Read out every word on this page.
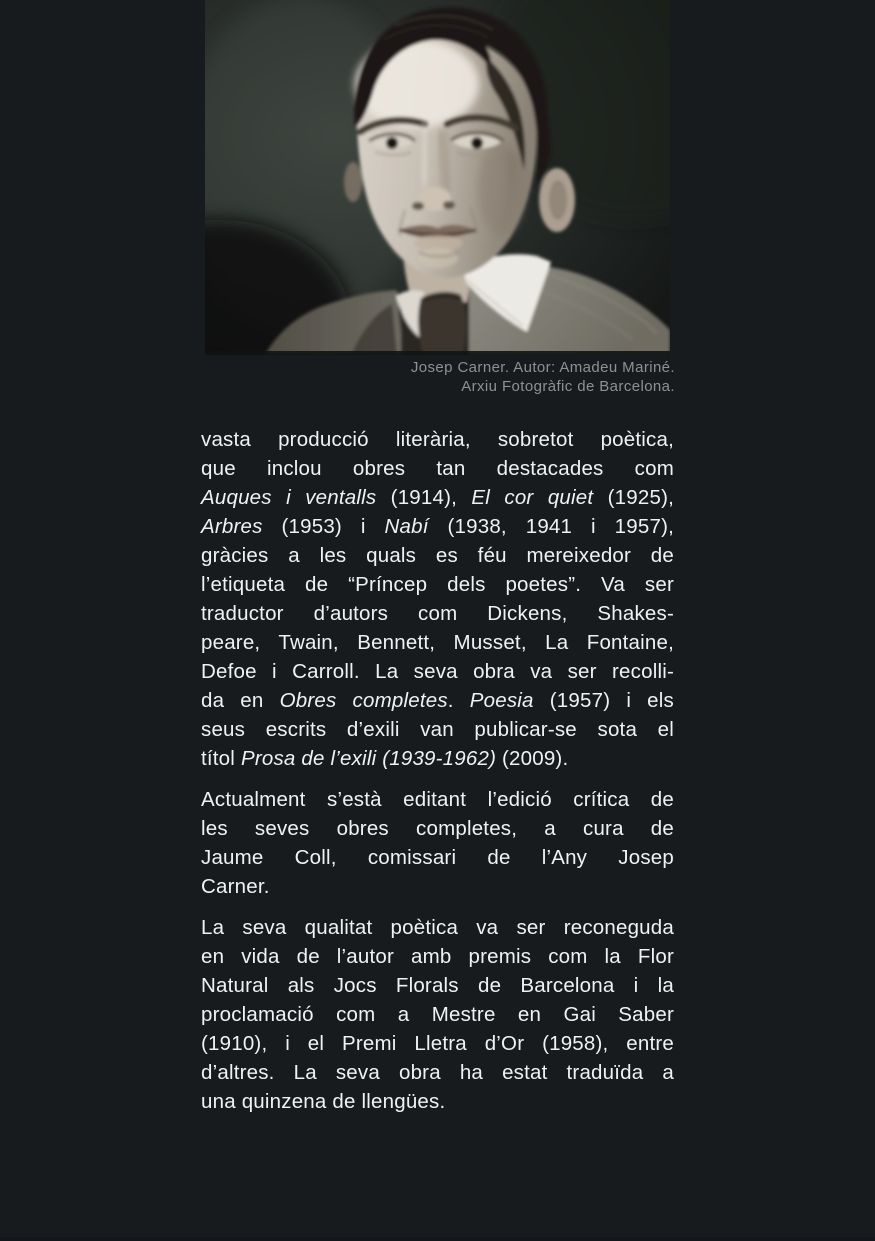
Josep Carner. Autor: Amadeu Mariné.
Arxiu Fotogràfic de Barcelona.
vasta producció literària, sobretot poètica,
que inclou obres tan destacades com
Auques i ventalls (1914), El cor quiet (1925),
Arbres (1953) i Nabí (1938, 1941 i 1957),
gràcies a les quals es féu mereixedor de
l’etiqueta de “Príncep dels poetes”. Va ser
traductor d’autors com Dickens, Shakes-
peare, Twain, Bennett, Musset, La Fontaine,
Defoe i Carroll. La seva obra va ser recolli-
da en Obres completes. Poesia (1957) i els
seus escrits d’exili van publicar-se sota el
títol Prosa de l’exili (1939-1962) (2009).
Actualment s’està editant l’edició crítica de
les seves obres completes, a cura de
Jaume Coll, comissari de l’Any Josep
Carner.
La seva qualitat poètica va ser reconeguda
en vida de l’autor amb premis com la Flor
Natural als Jocs Florals de Barcelona i la
proclamació com a Mestre en Gai Saber
(1910), i el Premi Lletra d’Or (1958), entre
d’altres. La seva obra ha estat traduïda a
una quinzena de llengües.
